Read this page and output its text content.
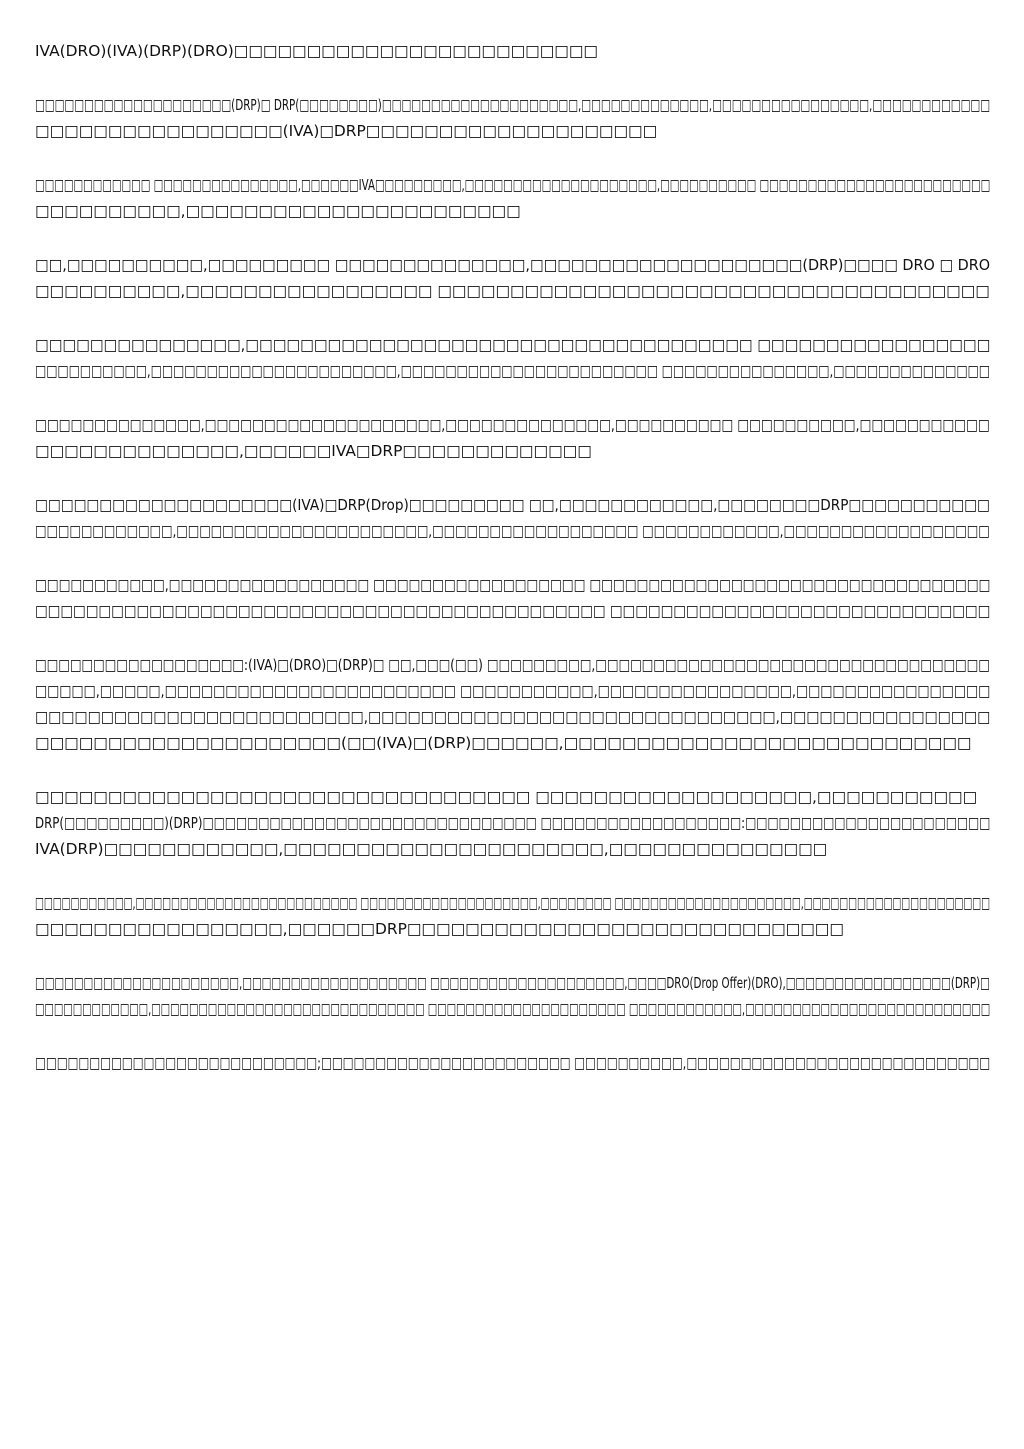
IVA(DRO)(IVA)(DRP)(DRO)□□□□□□□□□□□□□□□□□□□□□□□□□
□□□□□□□□□□□□□□□□□□□□(DRP)□ DRP(□□□□□□□□)□□□□□□□□□□□□□□□□□□□□,□□□□□□□□□□□□□,□□□□□□□□□□□□□□□□,□□□□□□□□□□□□
□□□□□□□□□□□□□□□□□(IVA)□DRP□□□□□□□□□□□□□□□□□□□□
□□□□□□□□□□□□ □□□□□□□□□□□□□□□,□□□□□□IVA□□□□□□□□□,□□□□□□□□□□□□□□□□□□□□,□□□□□□□□□□ □□□□□□□□□□□□□□□□□□□□□□□□
□□□□□□□□□□,□□□□□□□□□□□□□□□□□□□□□□□
□□,□□□□□□□□□□,□□□□□□□□□ □□□□□□□□□□□□□□,□□□□□□□□□□□□□□□□□□□□(DRP)□□□□ DRO □ DRO
□□□□□□□□□□,□□□□□□□□□□□□□□□□□ □□□□□□□□□□□□□□□□□□□□□□□□□□□□□□□□□□□□□□
□□□□□□□□□□□□□□□,□□□□□□□□□□□□□□□□□□□□□□□□□□□□□□□□□□□□□ □□□□□□□□□□□□□□□□□
□□□□□□□□□□,□□□□□□□□□□□□□□□□□□□□□□,□□□□□□□□□□□□□□□□□□□□□□□ □□□□□□□□□□□□□□□,□□□□□□□□□□□□□□
□□□□□□□□□□□□□□,□□□□□□□□□□□□□□□□□□□□,□□□□□□□□□□□□□□,□□□□□□□□□□ □□□□□□□□□□,□□□□□□□□□□□
□□□□□□□□□□□□□□,□□□□□□IVA□DRP□□□□□□□□□□□□□
□□□□□□□□□□□□□□□□□□□□(IVA)□DRP(Drop)□□□□□□□□□ □□,□□□□□□□□□□□□,□□□□□□□□DRP□□□□□□□□□□□
□□□□□□□□□□□□,□□□□□□□□□□□□□□□□□□□□□□,□□□□□□□□□□□□□□□□□□ □□□□□□□□□□□□,□□□□□□□□□□□□□□□□□□
□□□□□□□□□□□,□□□□□□□□□□□□□□□□□ □□□□□□□□□□□□□□□□□□ □□□□□□□□□□□□□□□□□□□□□□□□□□□□□□□□□□
□□□□□□□□□□□□□□□□□□□□□□□□□□□□□□□□□□□□□□□□□□□□□ □□□□□□□□□□□□□□□□□□□□□□□□□□□□□□
□□□□□□□□□□□□□□□□□□:(IVA)□(DRO)□(DRP)□ □□,□□□(□□) □□□□□□□□□,□□□□□□□□□□□□□□□□□□□□□□□□□□□□□□□□□□
□□□□□,□□□□□,□□□□□□□□□□□□□□□□□□□□□□□□ □□□□□□□□□□□,□□□□□□□□□□□□□□□□,□□□□□□□□□□□□□□□□
□□□□□□□□□□□□□□□□□□□□□□□□□,□□□□□□□□□□□□□□□□□□□□□□□□□□□□□□□,□□□□□□□□□□□□□□□□
□□□□□□□□□□□□□□□□□□□□□(□□(IVA)□(DRP)□□□□□□,□□□□□□□□□□□□□□□□□□□□□□□□□□□□
□□□□□□□□□□□□□□□□□□□□□□□□□□□□□□□□□□ □□□□□□□□□□□□□□□□□□□,□□□□□□□□□□□
DRP(□□□□□□□□□)(DRP)□□□□□□□□□□□□□□□□□□□□□□□□□□□□□□ □□□□□□□□□□□□□□□□□□:□□□□□□□□□□□□□□□□□□□□□□
IVA(DRP)□□□□□□□□□□□□,□□□□□□□□□□□□□□□□□□□□□□,□□□□□□□□□□□□□□□
□□□□□□□□□□□,□□□□□□□□□□□□□□□□□□□□□□□□□ □□□□□□□□□□□□□□□□□□□□,□□□□□□□□ □□□□□□□□□□□□□□□□□□□□□,□□□□□□□□□□□□□□□□□□□□□
□□□□□□□□□□□□□□□□□,□□□□□□DRP□□□□□□□□□□□□□□□□□□□□□□□□□□□□□□
□□□□□□□□□□□□□□□□□□□□□,□□□□□□□□□□□□□□□□□□□ □□□□□□□□□□□□□□□□□□□□,□□□□DRO(Drop Offer)(DRO),□□□□□□□□□□□□□□□□□(DRP)□
□□□□□□□□□□□□,□□□□□□□□□□□□□□□□□□□□□□□□□□□□□ □□□□□□□□□□□□□□□□□□□□□ □□□□□□□□□□□□,□□□□□□□□□□□□□□□□□□□□□□□□□□
□□□□□□□□□□□□□□□□□□□□□□□□□□;□□□□□□□□□□□□□□□□□□□□□□□ □□□□□□□□□□,□□□□□□□□□□□□□□□□□□□□□□□□□□□□
